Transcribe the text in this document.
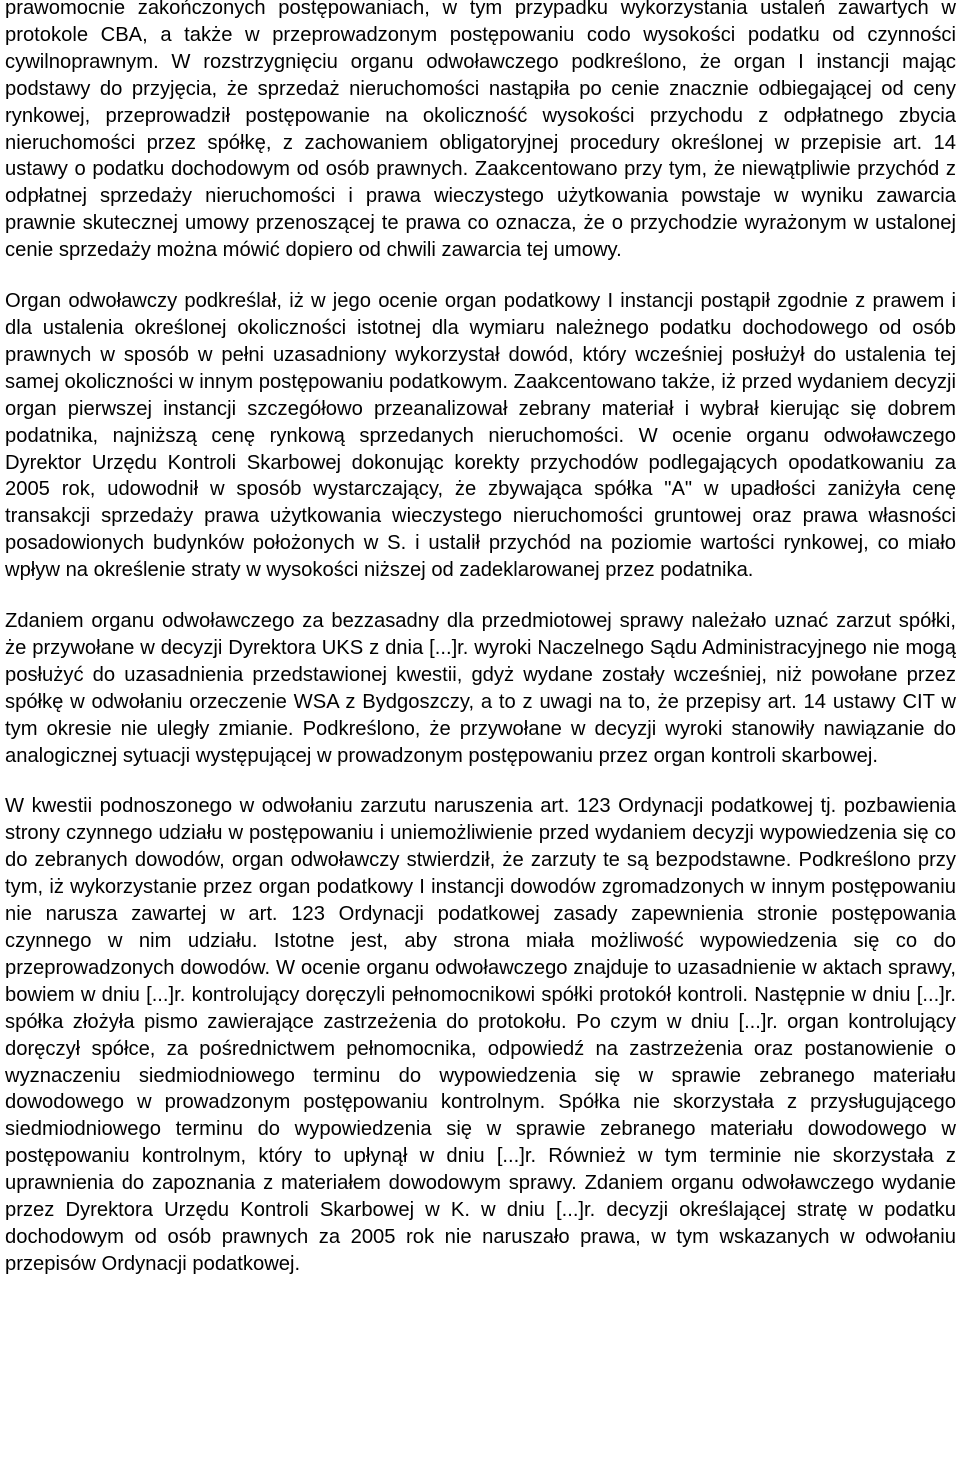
prawomocnie zakończonych postępowaniach, w tym przypadku wykorzystania ustaleń zawartych w protokole CBA, a także w przeprowadzonym postępowaniu codo wysokości podatku od czynności cywilnoprawnym. W rozstrzygnięciu organu odwoławczego podkreślono, że organ I instancji mając podstawy do przyjęcia, że sprzedaż nieruchomości nastąpiła po cenie znacznie odbiegającej od ceny rynkowej, przeprowadził postępowanie na okoliczność wysokości przychodu z odpłatnego zbycia nieruchomości przez spółkę, z zachowaniem obligatoryjnej procedury określonej w przepisie art. 14 ustawy o podatku dochodowym od osób prawnych. Zaakcentowano przy tym, że niewątpliwie przychód z odpłatnej sprzedaży nieruchomości i prawa wieczystego użytkowania powstaje w wyniku zawarcia prawnie skutecznej umowy przenoszącej te prawa co oznacza, że o przychodzie wyrażonym w ustalonej cenie sprzedaży można mówić dopiero od chwili zawarcia tej umowy.

Organ odwoławczy podkreślał, iż w jego ocenie organ podatkowy I instancji postąpił zgodnie z prawem i dla ustalenia określonej okoliczności istotnej dla wymiaru należnego podatku dochodowego od osób prawnych w sposób w pełni uzasadniony wykorzystał dowód, który wcześniej posłużył do ustalenia tej samej okoliczności w innym postępowaniu podatkowym. Zaakcentowano także, iż przed wydaniem decyzji organ pierwszej instancji szczegółowo przeanalizował zebrany materiał i wybrał kierując się dobrem podatnika, najniższą cenę rynkową sprzedanych nieruchomości. W ocenie organu odwoławczego Dyrektor Urzędu Kontroli Skarbowej dokonując korekty przychodów podlegających opodatkowaniu za 2005 rok, udowodnił w sposób wystarczający, że zbywająca spółka "A" w upadłości zaniżyła cenę transakcji sprzedaży prawa użytkowania wieczystego nieruchomości gruntowej oraz prawa własności posadowionych budynków położonych w S. i ustalił przychód na poziomie wartości rynkowej, co miało wpływ na określenie straty w wysokości niższej od zadeklarowanej przez podatnika.

Zdaniem organu odwoławczego za bezzasadny dla przedmiotowej sprawy należało uznać zarzut spółki, że przywołane w decyzji Dyrektora UKS z dnia [...]r. wyroki Naczelnego Sądu Administracyjnego nie mogą posłużyć do uzasadnienia przedstawionej kwestii, gdyż wydane zostały wcześniej, niż powołane przez spółkę w odwołaniu orzeczenie WSA z Bydgoszczy, a to z uwagi na to, że przepisy art. 14 ustawy CIT w tym okresie nie uległy zmianie. Podkreślono, że przywołane w decyzji wyroki stanowiły nawiązanie do analogicznej sytuacji występującej w prowadzonym postępowaniu przez organ kontroli skarbowej.

W kwestii podnoszonego w odwołaniu zarzutu naruszenia art. 123 Ordynacji podatkowej tj. pozbawienia strony czynnego udziału w postępowaniu i uniemożliwienie przed wydaniem decyzji wypowiedzenia się co do zebranych dowodów, organ odwoławczy stwierdził, że zarzuty te są bezpodstawne. Podkreślono przy tym, iż wykorzystanie przez organ podatkowy I instancji dowodów zgromadzonych w innym postępowaniu nie narusza zawartej w art. 123 Ordynacji podatkowej zasady zapewnienia stronie postępowania czynnego w nim udziału. Istotne jest, aby strona miała możliwość wypowiedzenia się co do przeprowadzonych dowodów. W ocenie organu odwoławczego znajduje to uzasadnienie w aktach sprawy, bowiem w dniu [...]r. kontrolujący doręczyli pełnomocnikowi spółki protokół kontroli. Następnie w dniu [...]r. spółka złożyła pismo zawierające zastrzeżenia do protokołu. Po czym w dniu [...]r. organ kontrolujący doręczył spółce, za pośrednictwem pełnomocnika, odpowiedź na zastrzeżenia oraz postanowienie o wyznaczeniu siedmiodniowego terminu do wypowiedzenia się w sprawie zebranego materiału dowodowego w prowadzonym postępowaniu kontrolnym. Spółka nie skorzystała z przysługującego siedmiodniowego terminu do wypowiedzenia się w sprawie zebranego materiału dowodowego w postępowaniu kontrolnym, który to upłynął w dniu [...]r. Również w tym terminie nie skorzystała z uprawnienia do zapoznania z materiałem dowodowym sprawy. Zdaniem organu odwoławczego wydanie przez Dyrektora Urzędu Kontroli Skarbowej w K. w dniu [...]r. decyzji określającej stratę w podatku dochodowym od osób prawnych za 2005 rok nie naruszało prawa, w tym wskazanych w odwołaniu przepisów Ordynacji podatkowej.
